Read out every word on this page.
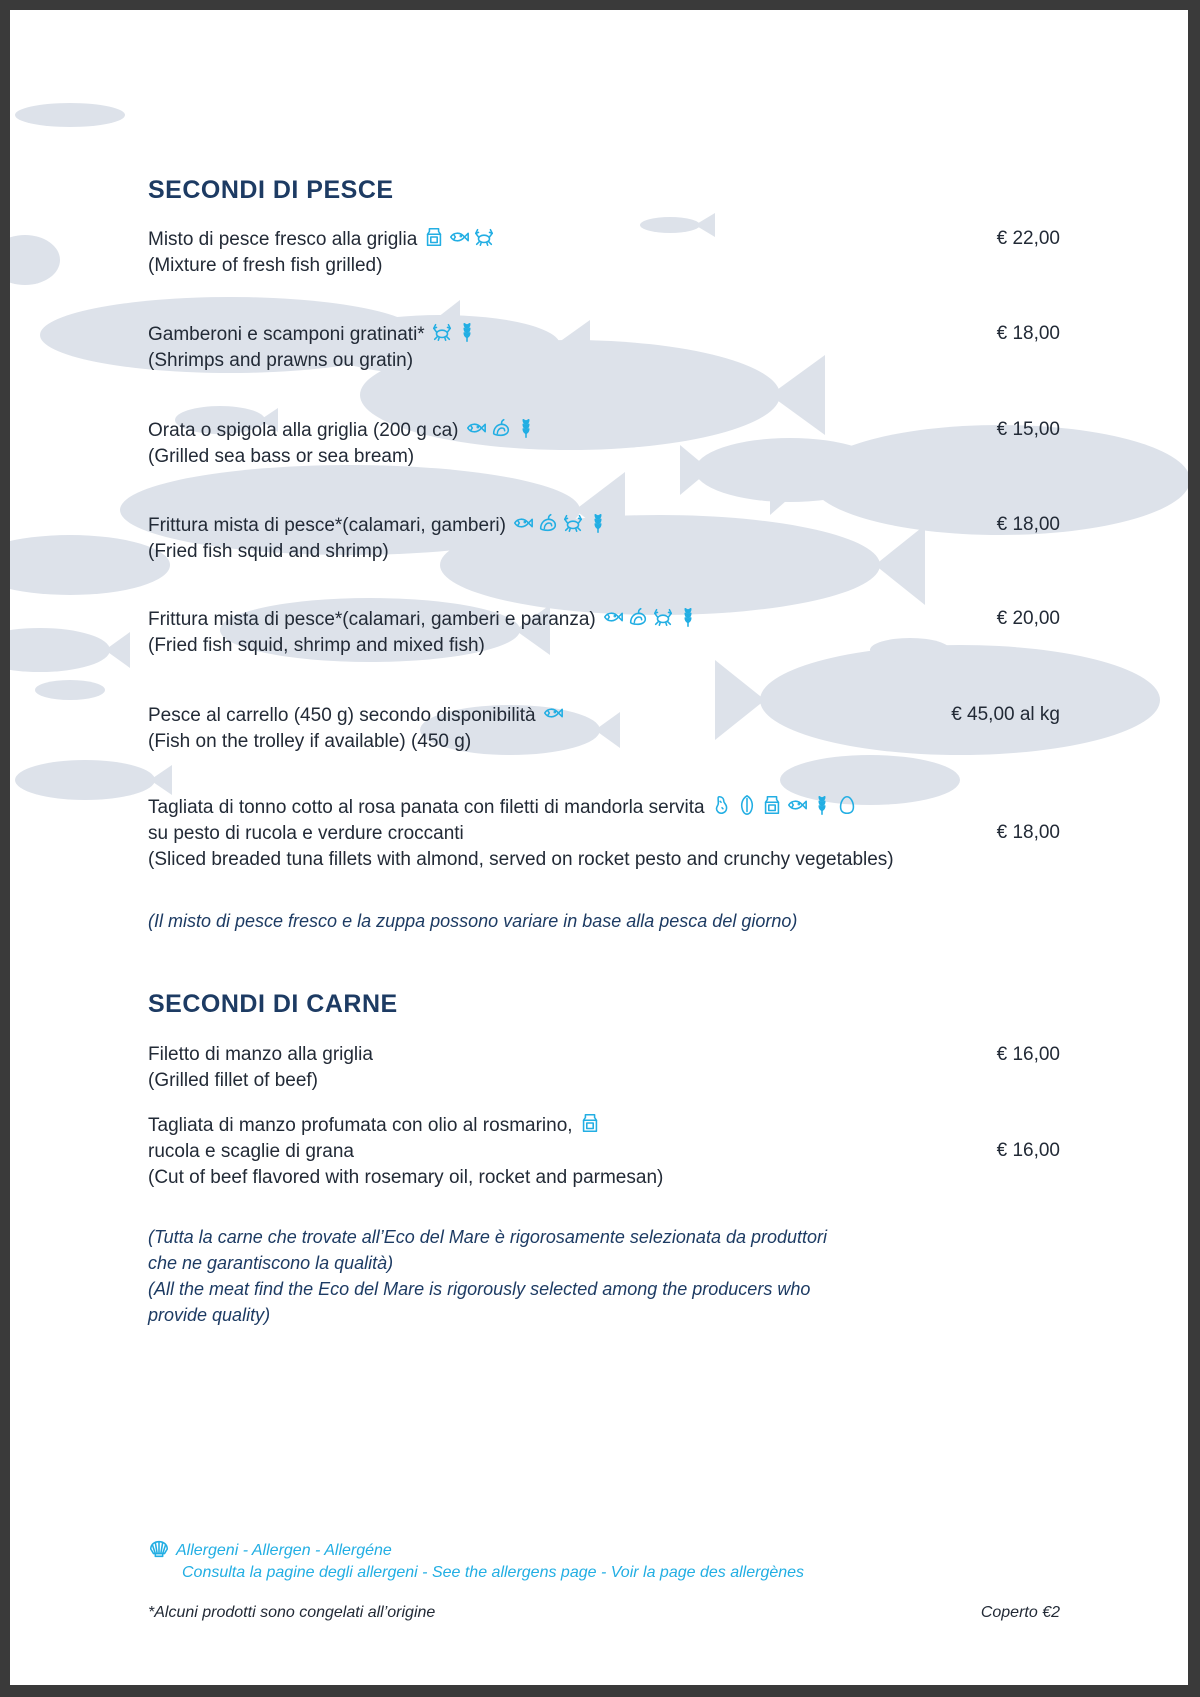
SECONDI DI PESCE
Misto di pesce fresco alla griglia
(Mixture of fresh fish grilled)
€ 22,00
Gamberoni e scamponi gratinati*
(Shrimps and prawns ou gratin)
€ 18,00
Orata o spigola alla griglia (200 g ca)
(Grilled sea bass or sea bream)
€ 15,00
Frittura mista di pesce*(calamari, gamberi)
(Fried fish squid and shrimp)
€ 18,00
Frittura mista di pesce*(calamari, gamberi e paranza)
(Fried fish squid, shrimp and mixed fish)
€ 20,00
Pesce al carrello (450 g) secondo disponibilità
(Fish on the trolley if available) (450 g)
€ 45,00 al kg
Tagliata di tonno cotto al rosa panata con filetti di mandorla servita
su pesto di rucola e verdure croccanti
(Sliced breaded tuna fillets with almond, served on rocket pesto and crunchy vegetables)
€ 18,00
(Il misto di pesce fresco e la zuppa possono variare in base alla pesca del giorno)
SECONDI DI CARNE
Filetto di manzo alla griglia
(Grilled fillet of beef)
€ 16,00
Tagliata di manzo profumata con olio al rosmarino,
rucola e scaglie di grana
(Cut of beef flavored with rosemary oil, rocket and parmesan)
€ 16,00
(Tutta la carne che trovate all’Eco del Mare è rigorosamente selezionata da produttori
che ne garantiscono la qualità)
(All the meat find the Eco del Mare is rigorously selected among the producers who
provide quality)
Allergeni - Allergen - Allergéne
Consulta la pagine degli allergeni - See the allergens page - Voir la page des allergènes
*Alcuni prodotti sono congelati all’origine	Coperto €2
